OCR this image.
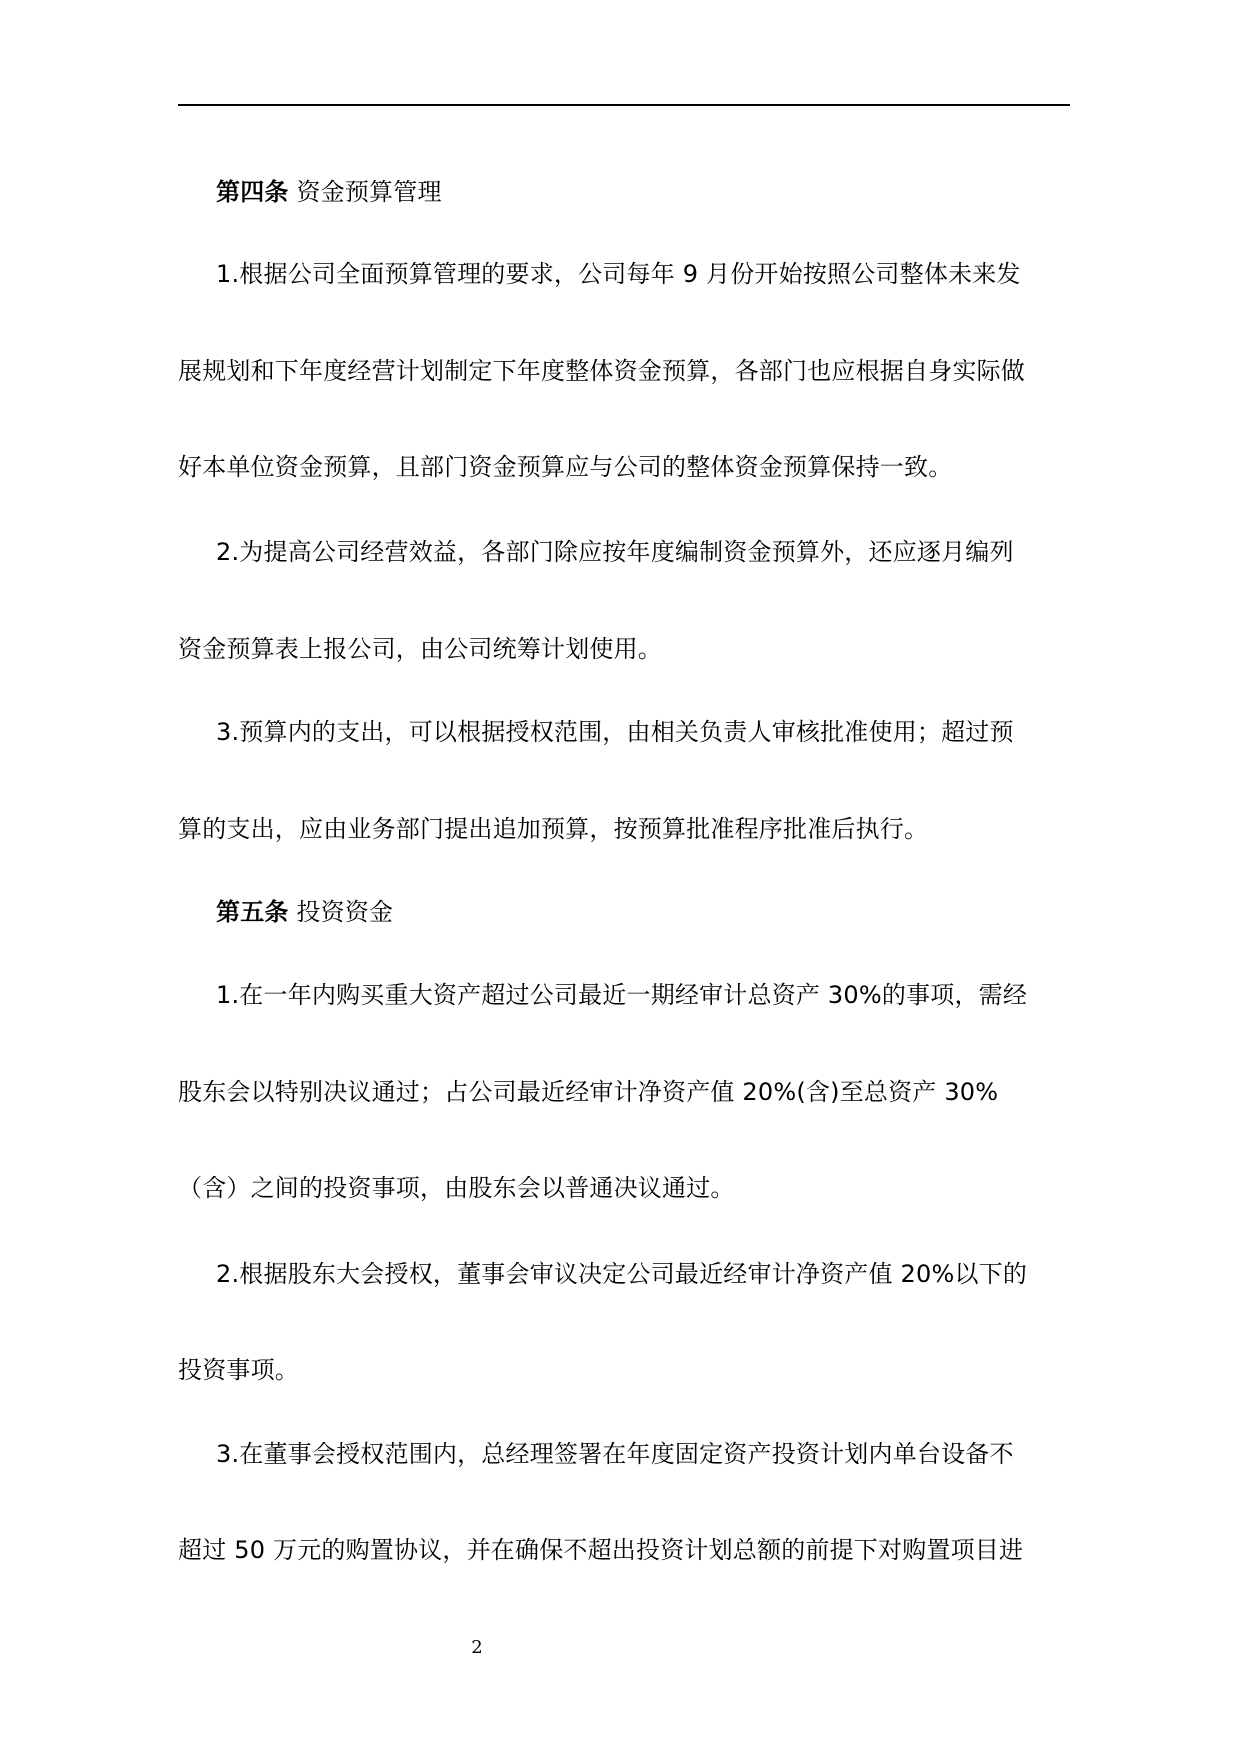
第四条 资金预算管理
1.根据公司全面预算管理的要求，公司每年 9 月份开始按照公司整体未来发
展规划和下年度经营计划制定下年度整体资金预算，各部门也应根据自身实际做
好本单位资金预算，且部门资金预算应与公司的整体资金预算保持一致。
2.为提高公司经营效益，各部门除应按年度编制资金预算外，还应逐月编列
资金预算表上报公司，由公司统筹计划使用。
3.预算内的支出，可以根据授权范围，由相关负责人审核批准使用；超过预
算的支出，应由业务部门提出追加预算，按预算批准程序批准后执行。
第五条 投资资金
1.在一年内购买重大资产超过公司最近一期经审计总资产 30%的事项，需经
股东会以特别决议通过；占公司最近经审计净资产值 20%(含)至总资产 30%
（含）之间的投资事项，由股东会以普通决议通过。
2.根据股东大会授权，董事会审议决定公司最近经审计净资产值 20%以下的
投资事项。
3.在董事会授权范围内，总经理签署在年度固定资产投资计划内单台设备不
超过 50 万元的购置协议，并在确保不超出投资计划总额的前提下对购置项目进
2
